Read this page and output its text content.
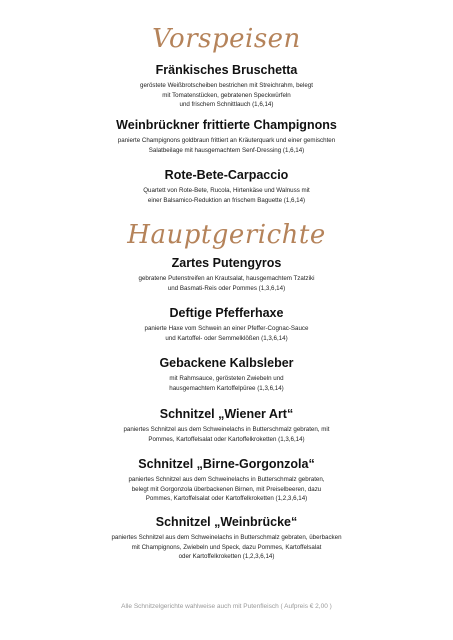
Vorspeisen
Fränkisches Bruschetta
geröstete Weißbrotscheiben bestrichen mit Streichrahm, belegt
mit Tomatenstücken, gebratenen Speckwürfeln
und frischem Schnittlauch (1,6,14)
Weinbrückner frittierte Champignons
panierte Champignons goldbraun frittiert an Kräuterquark und einer gemischten
Salatbeilage mit hausgemachtem Senf-Dressing (1,6,14)
Rote-Bete-Carpaccio
Quartett von Rote-Bete, Rucola, Hirtenkäse und Walnuss mit
einer Balsamico-Reduktion an frischem Baguette (1,6,14)
Hauptgerichte
Zartes Putengyros
gebratene Putenstreifen an Krautsalat, hausgemachtem Tzatziki
und Basmati-Reis oder Pommes (1,3,6,14)
Deftige Pfefferhaxe
panierte Haxe vom Schwein an einer Pfeffer-Cognac-Sauce
und Kartoffel- oder Semmelklößen (1,3,6,14)
Gebackene Kalbsleber
mit Rahmsauce, gerösteten Zwiebeln und
hausgemachtem Kartoffelpüree (1,3,6,14)
Schnitzel „Wiener Art“
paniertes Schnitzel aus dem Schweinelachs in Butterschmalz gebraten, mit
Pommes, Kartoffelsalat oder Kartoffelkroketten (1,3,6,14)
Schnitzel „Birne-Gorgonzola“
paniertes Schnitzel aus dem Schweinelachs in Butterschmalz gebraten,
belegt mit Gorgonzola überbackenen Birnen, mit Preiselbeeren, dazu
Pommes, Kartoffelsalat oder Kartoffelkroketten (1,2,3,6,14)
Schnitzel „Weinbrücke“
paniertes Schnitzel aus dem Schweinelachs in Butterschmalz gebraten, überbacken
mit Champignons, Zwiebeln und Speck, dazu Pommes, Kartoffelsalat
oder Kartoffelkroketten (1,2,3,6,14)
Alle Schnitzelgerichte wahlweise auch mit Putenfleisch ( Aufpreis € 2,00 )
